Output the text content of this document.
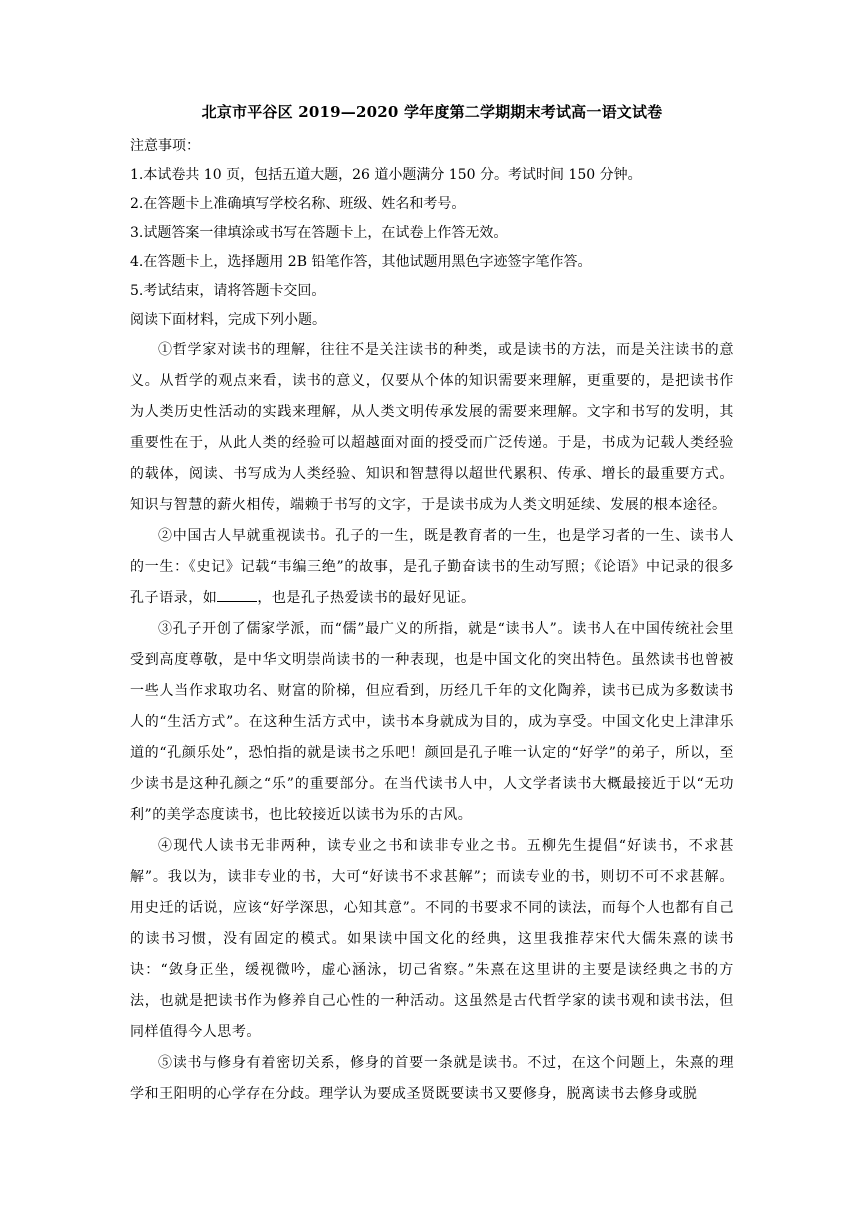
北京市平谷区 2019—2020 学年度第二学期期末考试高一语文试卷

注意事项：

1.本试卷共 10 页，包括五道大题，26 道小题满分 150 分。考试时间 150 分钟。

2.在答题卡上准确填写学校名称、班级、姓名和考号。

3.试题答案一律填涂或书写在答题卡上，在试卷上作答无效。

4.在答题卡上，选择题用 2B 铅笔作答，其他试题用黑色字迹签字笔作答。

5.考试结束，请将答题卡交回。

阅读下面材料，完成下列小题。

①哲学家对读书的理解，往往不是关注读书的种类，或是读书的方法，而是关注读书的意义。从哲学的观点来看，读书的意义，仅要从个体的知识需要来理解，更重要的，是把读书作为人类历史性活动的实践来理解，从人类文明传承发展的需要来理解。文字和书写的发明，其重要性在于，从此人类的经验可以超越面对面的授受而广泛传递。于是，书成为记载人类经验的载体，阅读、书写成为人类经验、知识和智慧得以超世代累积、传承、增长的最重要方式。知识与智慧的薪火相传，端赖于书写的文字，于是读书成为人类文明延续、发展的根本途径。

②中国古人早就重视读书。孔子的一生，既是教育者的一生，也是学习者的一生、读书人的一生：《史记》记载“韦编三绝”的故事，是孔子勤奋读书的生动写照；《论语》中记录的很多孔子语录，如	，也是孔子热爱读书的最好见证。

③孔子开创了儒家学派，而“儒”最广义的所指，就是“读书人”。读书人在中国传统社会里受到高度尊敬，是中华文明崇尚读书的一种表现，也是中国文化的突出特色。虽然读书也曾被一些人当作求取功名、财富的阶梯，但应看到，历经几千年的文化陶养，读书已成为多数读书人的“生活方式”。在这种生活方式中，读书本身就成为目的，成为享受。中国文化史上津津乐道的“孔颜乐处”，恐怕指的就是读书之乐吧！颜回是孔子唯一认定的“好学”的弟子，所以，至少读书是这种孔颜之“乐”的重要部分。在当代读书人中，人文学者读书大概最接近于以“无功利”的美学态度读书，也比较接近以读书为乐的古风。

④现代人读书无非两种，读专业之书和读非专业之书。五柳先生提倡“好读书，不求甚解”。我以为，读非专业的书，大可“好读书不求甚解”；而读专业的书，则切不可不求甚解。用史迁的话说，应该“好学深思，心知其意”。不同的书要求不同的读法，而每个人也都有自己的读书习惯，没有固定的模式。如果读中国文化的经典，这里我推荐宋代大儒朱熹的读书诀：“敛身正坐，缓视微吟，虚心涵泳，切己省察。”朱熹在这里讲的主要是读经典之书的方法，也就是把读书作为修养自己心性的一种活动。这虽然是古代哲学家的读书观和读书法，但同样值得今人思考。

⑤读书与修身有着密切关系，修身的首要一条就是读书。不过，在这个问题上，朱熹的理学和王阳明的心学存在分歧。理学认为要成圣贤既要读书又要修身，脱离读书去修身或脱
